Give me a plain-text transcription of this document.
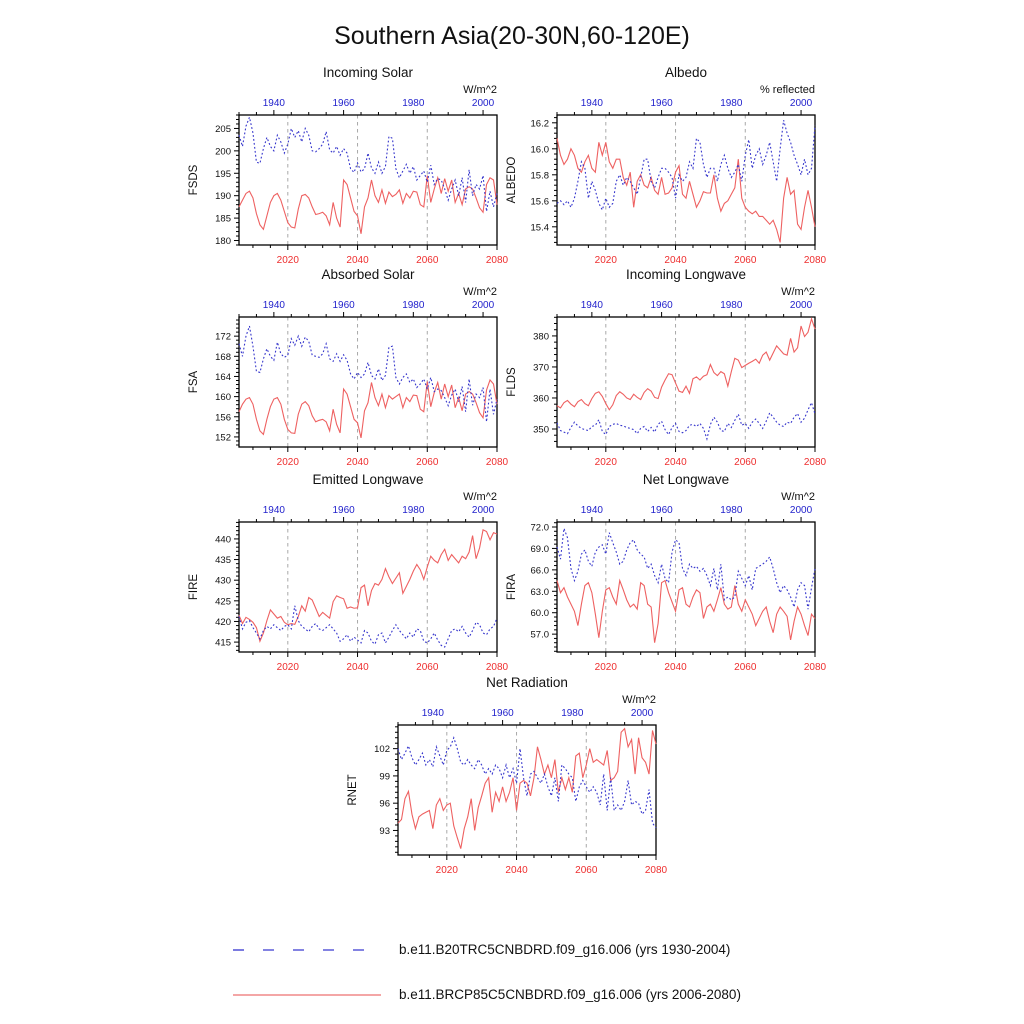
Southern Asia(20-30N,60-120E)
Incoming Solar
W/m^2
FSDS
180
185
190
195
200
205
1940	1960	1980	2000
2020	2040	2060	2080
Albedo
% reflected
ALBEDO
15.4
15.6
15.8
16.0
16.2
1940	1960	1980	2000
2020	2040	2060	2080
Absorbed Solar
W/m^2
FSA
152
156
160
164
168
172
1940	1960	1980	2000
2020	2040	2060	2080
Incoming Longwave
W/m^2
FLDS
350
360
370
380
1940	1960	1980	2000
2020	2040	2060	2080
Emitted Longwave
W/m^2
FIRE
415
420
425
430
435
440
1940	1960	1980	2000
2020	2040	2060	2080
Net Longwave
W/m^2
FIRA
57.0
60.0
63.0
66.0
69.0
72.0
1940	1960	1980	2000
2020	2040	2060	2080
Net Radiation
W/m^2
RNET
93
96
99
102
1940	1960	1980	2000
2020	2040	2060	2080
b.e11.B20TRC5CNBDRD.f09_g16.006 (yrs 1930-2004)
b.e11.BRCP85C5CNBDRD.f09_g16.006 (yrs 2006-2080)
